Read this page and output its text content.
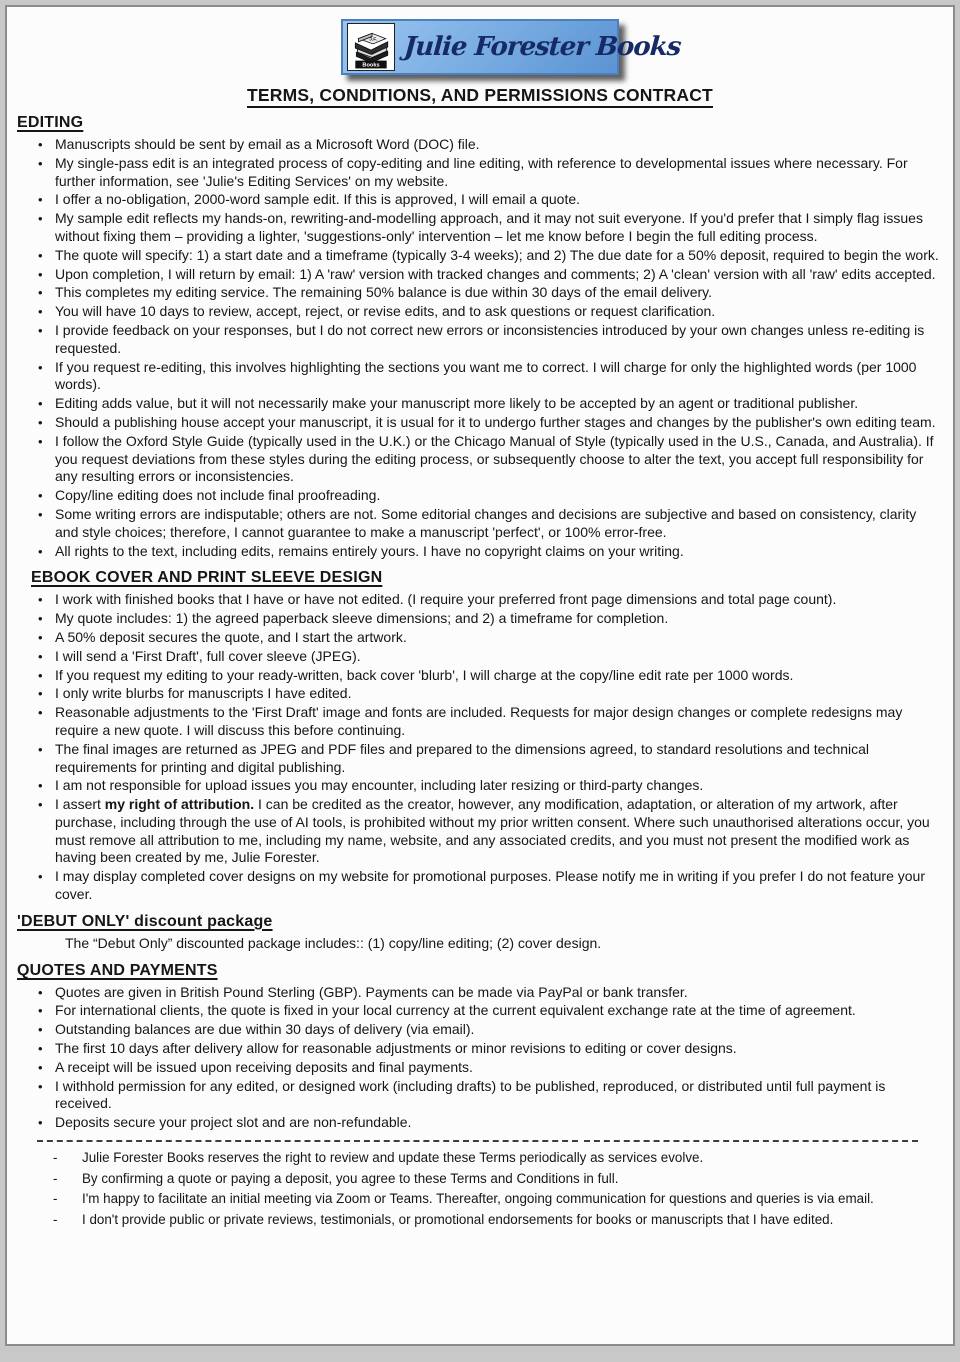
J.F.
Books
Julie Forester Books
TERMS, CONDITIONS, AND PERMISSIONS CONTRACT
EDITING
• Manuscripts should be sent by email as a Microsoft Word (DOC) file.
• My single-pass edit is an integrated process of copy-editing and line editing, with reference to developmental issues where necessary. For further information, see 'Julie's Editing Services' on my website.
• I offer a no-obligation, 2000-word sample edit. If this is approved, I will email a quote.
• My sample edit reflects my hands-on, rewriting-and-modelling approach, and it may not suit everyone. If you'd prefer that I simply flag issues without fixing them – providing a lighter, 'suggestions-only' intervention – let me know before I begin the full editing process.
• The quote will specify: 1) a start date and a timeframe (typically 3-4 weeks); and 2) The due date for a 50% deposit, required to begin the work.
• Upon completion, I will return by email: 1) A 'raw' version with tracked changes and comments; 2) A 'clean' version with all 'raw' edits accepted.
• This completes my editing service. The remaining 50% balance is due within 30 days of the email delivery.
• You will have 10 days to review, accept, reject, or revise edits, and to ask questions or request clarification.
• I provide feedback on your responses, but I do not correct new errors or inconsistencies introduced by your own changes unless re-editing is requested.
• If you request re-editing, this involves highlighting the sections you want me to correct. I will charge for only the highlighted words (per 1000 words).
• Editing adds value, but it will not necessarily make your manuscript more likely to be accepted by an agent or traditional publisher.
• Should a publishing house accept your manuscript, it is usual for it to undergo further stages and changes by the publisher's own editing team.
• I follow the Oxford Style Guide (typically used in the U.K.) or the Chicago Manual of Style (typically used in the U.S., Canada, and Australia). If you request deviations from these styles during the editing process, or subsequently choose to alter the text, you accept full responsibility for any resulting errors or inconsistencies.
• Copy/line editing does not include final proofreading.
• Some writing errors are indisputable; others are not. Some editorial changes and decisions are subjective and based on consistency, clarity and style choices; therefore, I cannot guarantee to make a manuscript 'perfect', or 100% error-free.
• All rights to the text, including edits, remains entirely yours. I have no copyright claims on your writing.
EBOOK COVER AND PRINT SLEEVE DESIGN
• I work with finished books that I have or have not edited. (I require your preferred front page dimensions and total page count).
• My quote includes: 1) the agreed paperback sleeve dimensions; and 2) a timeframe for completion.
• A 50% deposit secures the quote, and I start the artwork.
• I will send a 'First Draft', full cover sleeve (JPEG).
• If you request my editing to your ready-written, back cover 'blurb', I will charge at the copy/line edit rate per 1000 words.
• I only write blurbs for manuscripts I have edited.
• Reasonable adjustments to the 'First Draft' image and fonts are included. Requests for major design changes or complete redesigns may require a new quote. I will discuss this before continuing.
• The final images are returned as JPEG and PDF files and prepared to the dimensions agreed, to standard resolutions and technical requirements for printing and digital publishing.
• I am not responsible for upload issues you may encounter, including later resizing or third-party changes.
• I assert my right of attribution. I can be credited as the creator, however, any modification, adaptation, or alteration of my artwork, after purchase, including through the use of AI tools, is prohibited without my prior written consent. Where such unauthorised alterations occur, you must remove all attribution to me, including my name, website, and any associated credits, and you must not present the modified work as having been created by me, Julie Forester.
• I may display completed cover designs on my website for promotional purposes. Please notify me in writing if you prefer I do not feature your cover.
'DEBUT ONLY' discount package

The “Debut Only” discounted package includes:: (1) copy/line editing; (2) cover design.

QUOTES AND PAYMENTS
• Quotes are given in British Pound Sterling (GBP). Payments can be made via PayPal or bank transfer.
• For international clients, the quote is fixed in your local currency at the current equivalent exchange rate at the time of agreement.
• Outstanding balances are due within 30 days of delivery (via email).
• The first 10 days after delivery allow for reasonable adjustments or minor revisions to editing or cover designs.
• A receipt will be issued upon receiving deposits and final payments.
• I withhold permission for any edited, or designed work (including drafts) to be published, reproduced, or distributed until full payment is received.
• Deposits secure your project slot and are non-refundable.
- Julie Forester Books reserves the right to review and update these Terms periodically as services evolve.
- By confirming a quote or paying a deposit, you agree to these Terms and Conditions in full.
- I'm happy to facilitate an initial meeting via Zoom or Teams. Thereafter, ongoing communication for questions and queries is via email.
- I don't provide public or private reviews, testimonials, or promotional endorsements for books or manuscripts that I have edited.
